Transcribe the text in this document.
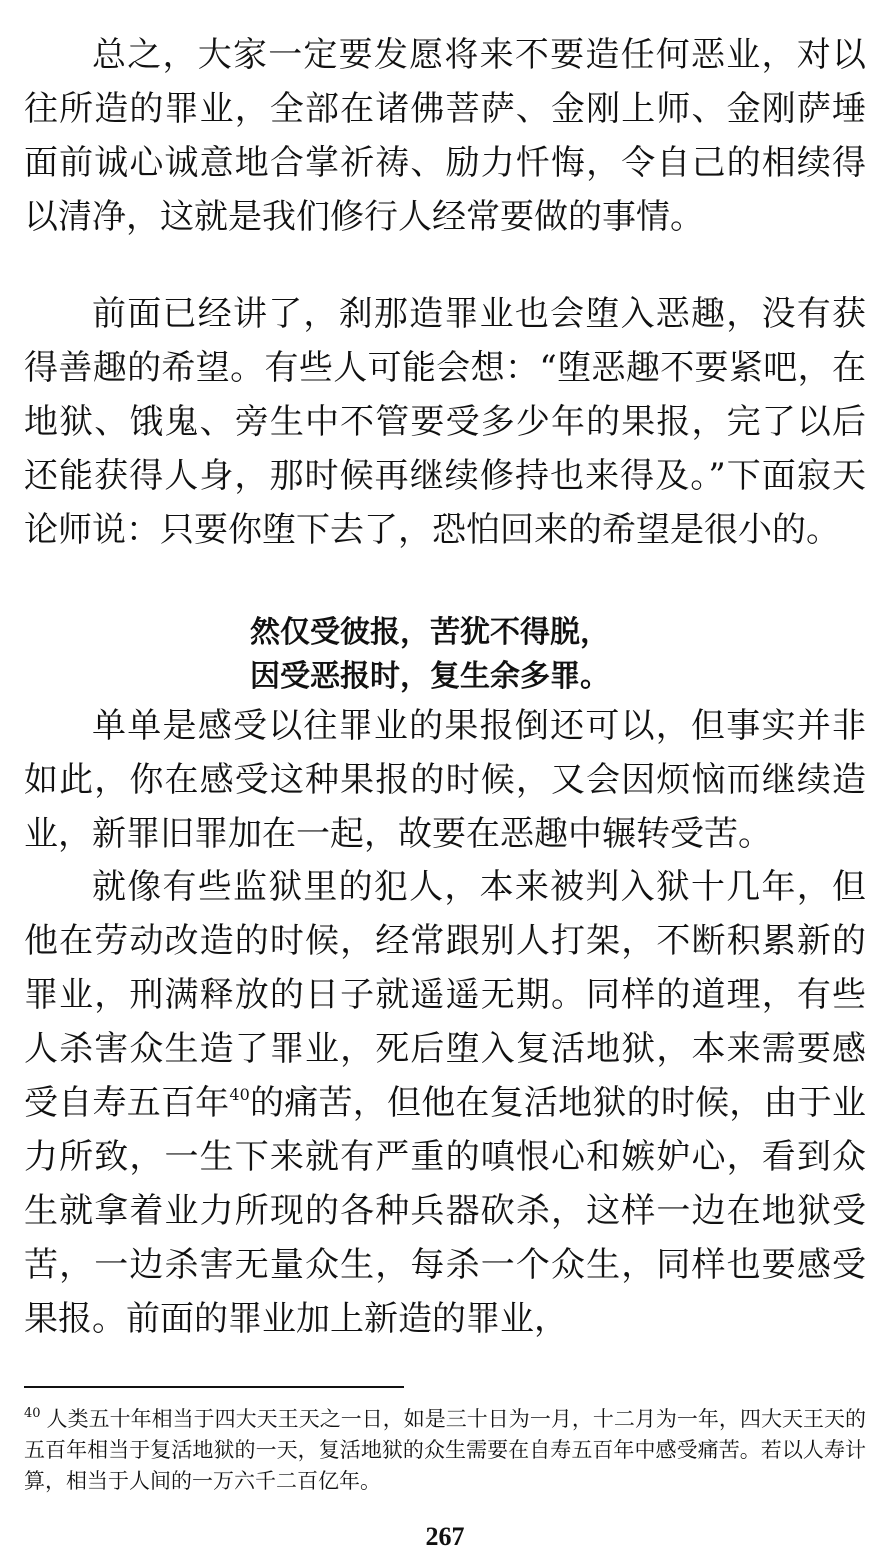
总之，大家一定要发愿将来不要造任何恶业，对以往所造的罪业，全部在诸佛菩萨、金刚上师、金刚萨埵面前诚心诚意地合掌祈祷、励力忏悔，令自己的相续得以清净，这就是我们修行人经常要做的事情。

前面已经讲了，刹那造罪业也会堕入恶趣，没有获得善趣的希望。有些人可能会想：“堕恶趣不要紧吧，在地狱、饿鬼、旁生中不管要受多少年的果报，完了以后还能获得人身，那时候再继续修持也来得及。”下面寂天论师说：只要你堕下去了，恐怕回来的希望是很小的。

然仅受彼报，苦犹不得脱，
因受恶报时，复生余多罪。

单单是感受以往罪业的果报倒还可以，但事实并非如此，你在感受这种果报的时候，又会因烦恼而继续造业，新罪旧罪加在一起，故要在恶趣中辗转受苦。

就像有些监狱里的犯人，本来被判入狱十几年，但他在劳动改造的时候，经常跟别人打架，不断积累新的罪业，刑满释放的日子就遥遥无期。同样的道理，有些人杀害众生造了罪业，死后堕入复活地狱，本来需要感受自寿五百年$^{40}$的痛苦，但他在复活地狱的时候，由于业力所致，一生下来就有严重的嗔恨心和嫉妒心，看到众生就拿着业力所现的各种兵器砍杀，这样一边在地狱受苦，一边杀害无量众生，每杀一个众生，同样也要感受果报。前面的罪业加上新造的罪业，

$^{40}$ 人类五十年相当于四大天王天之一日，如是三十日为一月，十二月为一年，四大天王天的五百年相当于复活地狱的一天，复活地狱的众生需要在自寿五百年中感受痛苦。若以人寿计算，相当于人间的一万六千二百亿年。

267
